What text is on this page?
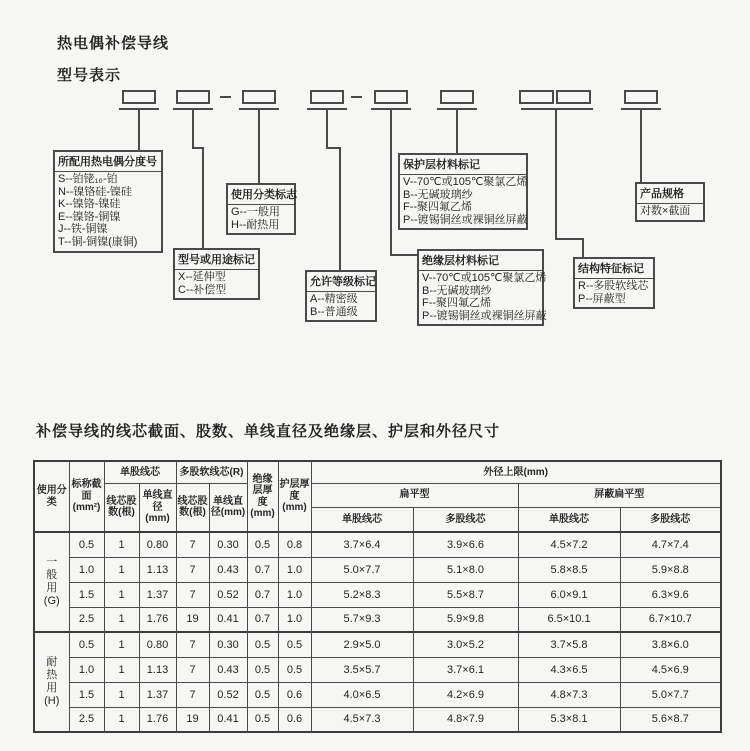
热电偶补偿导线
型号表示
所配用热电偶分度号
S--铂铑₁₀-铂
N--镍铬硅-镍硅
K--镍铬-镍硅
E--镍铬-铜镍
J--铁-铜镍
T--铜-铜镍(康铜)
使用分类标志
G--一般用
H--耐热用
型号或用途标记
X--延伸型
C--补偿型
允许等级标记
A--精密级
B--普通级
保护层材料标记
V--70℃或105℃聚氯乙烯
B--无碱玻璃纱
F--聚四氟乙烯
P--镀锡铜丝或裸铜丝屏蔽
绝缘层材料标记
V--70℃或105℃聚氯乙烯
B--无碱玻璃纱
F--聚四氟乙烯
P--镀锡铜丝或裸铜丝屏蔽
结构特征标记
R--多股软线芯
P--屏蔽型
产品规格
对数×截面
补偿导线的线芯截面、股数、单线直径及绝缘层、护层和外径尺寸
使用分类	标称截面(mm²)	单股线芯		多股软线芯(R)		绝缘层厚度(mm)	护层厚度(mm)	外径上限(mm)			
		线芯股数(根)	单线直径(mm)	线芯股数(根)	单线直径(mm)			扁平型		屏蔽扁平型	
								单股线芯	多股线芯	单股线芯	多股线芯

一
般
用
(G)	0.5	1	0.80	7	0.30	0.5	0.8	3.7×6.4	3.9×6.6	4.5×7.2	4.7×7.4
	1.0	1	1.13	7	0.43	0.7	1.0	5.0×7.7	5.1×8.0	5.8×8.5	5.9×8.8
	1.5	1	1.37	7	0.52	0.7	1.0	5.2×8.3	5.5×8.7	6.0×9.1	6.3×9.6
	2.5	1	1.76	19	0.41	0.7	1.0	5.7×9.3	5.9×9.8	6.5×10.1	6.7×10.7

耐
热
用
(H)	0.5	1	0.80	7	0.30	0.5	0.5	2.9×5.0	3.0×5.2	3.7×5.8	3.8×6.0
	1.0	1	1.13	7	0.43	0.5	0.5	3.5×5.7	3.7×6.1	4.3×6.5	4.5×6.9
	1.5	1	1.37	7	0.52	0.5	0.6	4.0×6.5	4.2×6.9	4.8×7.3	5.0×7.7
	2.5	1	1.76	19	0.41	0.5	0.6	4.5×7.3	4.8×7.9	5.3×8.1	5.6×8.7
